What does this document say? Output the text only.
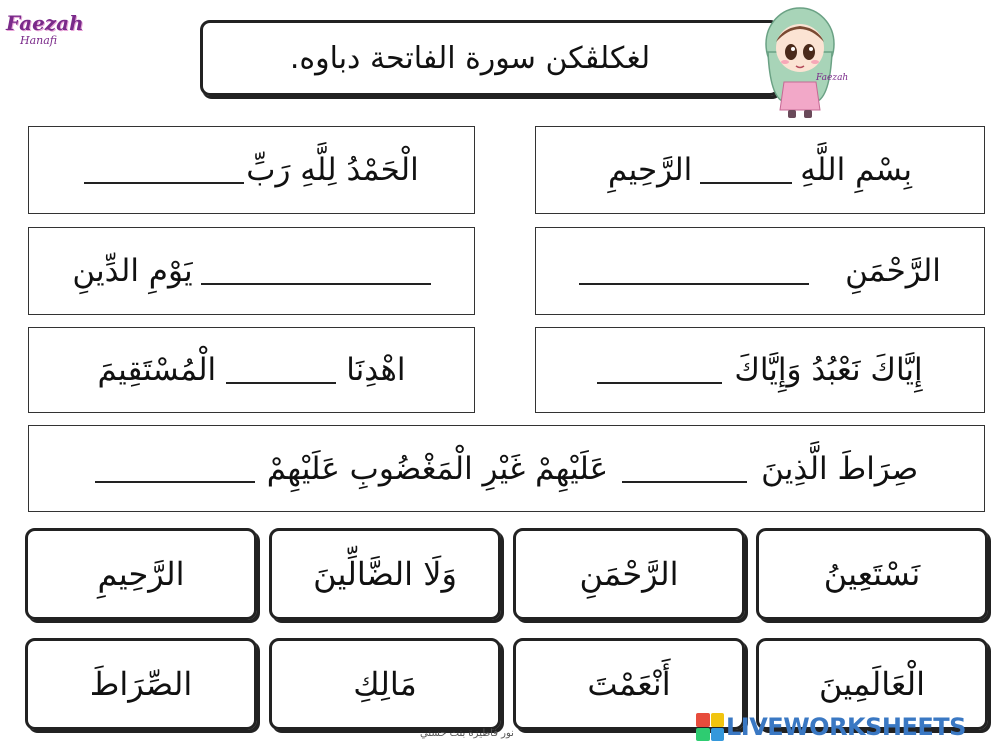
Faezah
Hanafi	لغكلڤكن سورة الفاتحة دباوه.
Faezah
بِسْمِ اللَّهِ
الرَّحِيمِ
الْحَمْدُ لِلَّهِ رَبِّ
الرَّحْمَنِ
يَوْمِ الدِّينِ
إِيَّاكَ نَعْبُدُ وَإِيَّاكَ
اهْدِنَا
الْمُسْتَقِيمَ
صِرَاطَ الَّذِينَ
عَلَيْهِمْ غَيْرِ الْمَغْضُوبِ عَلَيْهِمْ
نَسْتَعِينُ
الرَّحْمَنِ
وَلَا الضَّالِّينَ
الرَّحِيمِ
الْعَالَمِينَ
أَنْعَمْتَ
مَالِكِ
الصِّرَاطَ
نور فاطيزة بنت حسني	LIVEWORKSHEETS
